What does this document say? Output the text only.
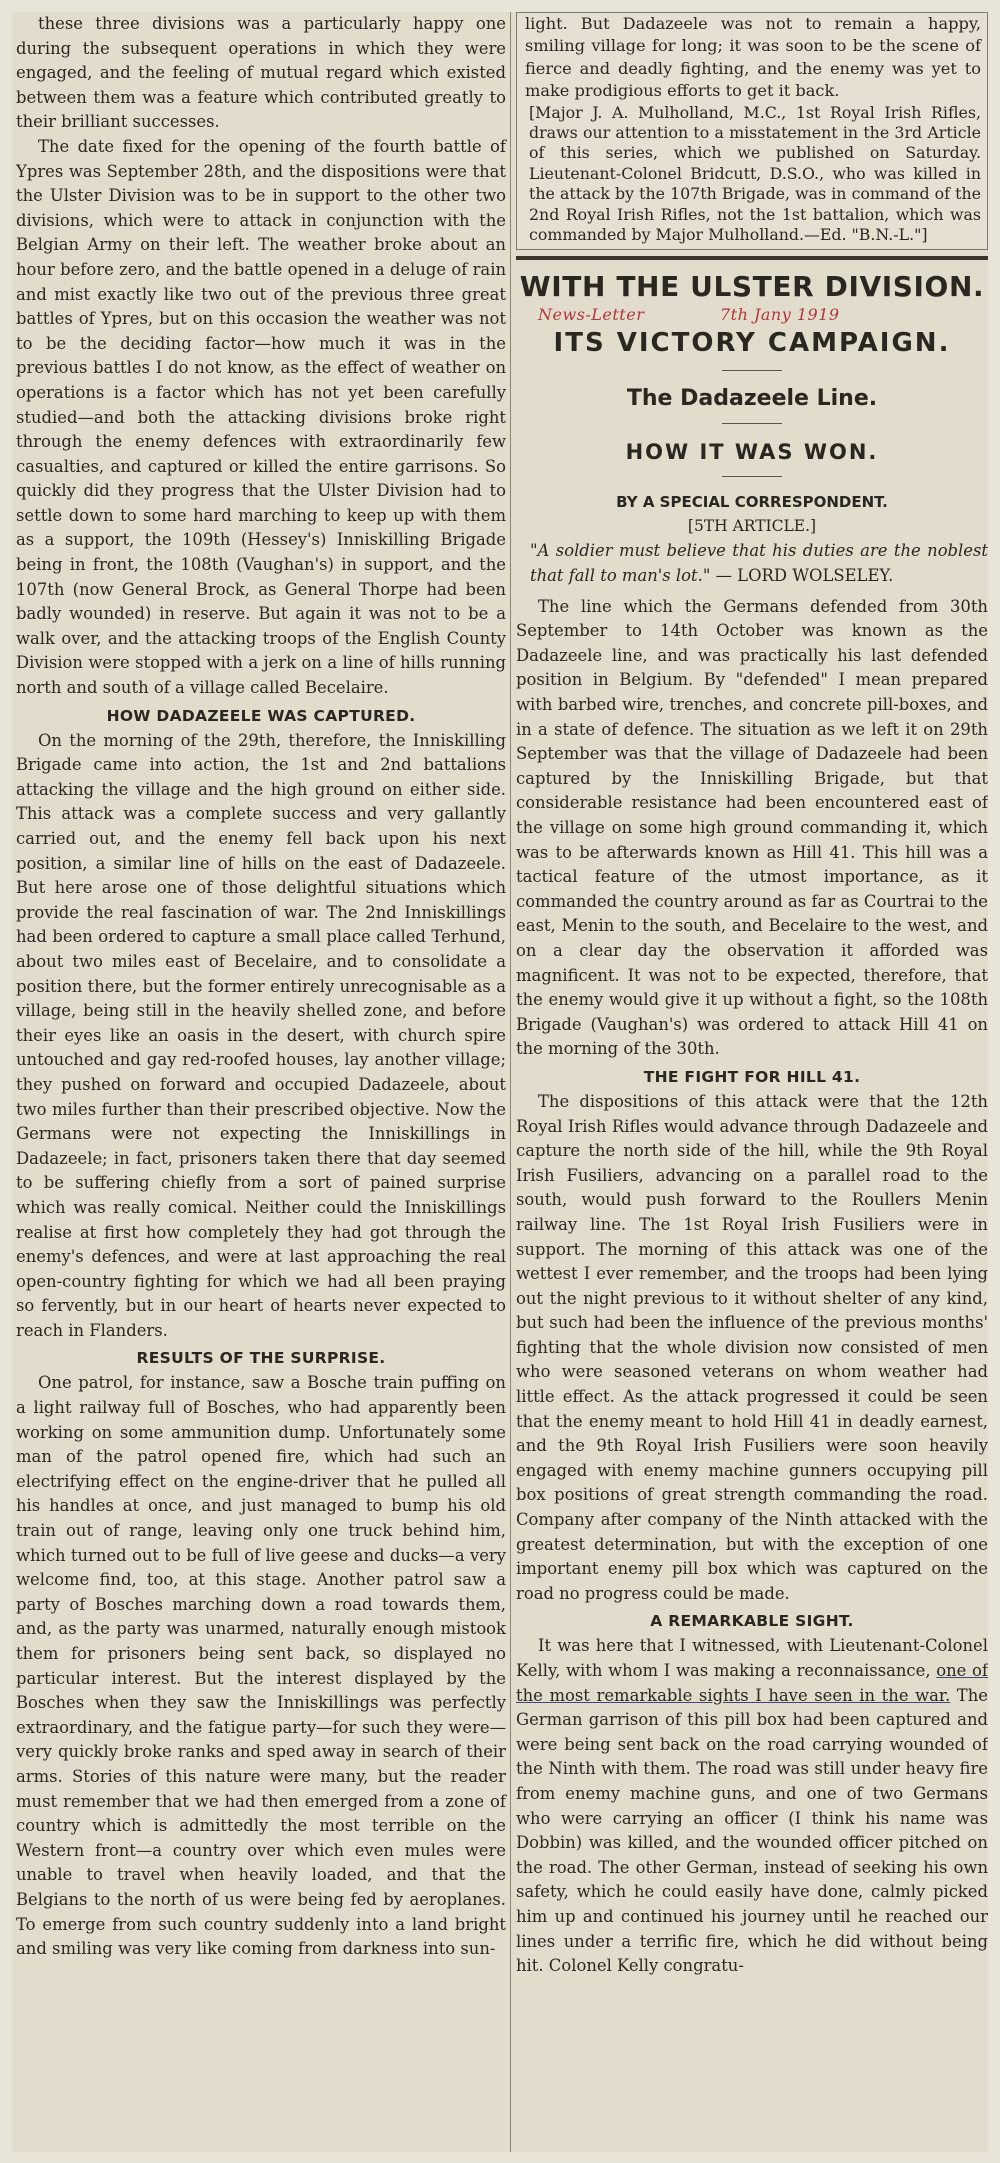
these three divisions was a particularly happy one during the subsequent operations in which they were engaged, and the feeling of mutual regard which existed between them was a feature which contributed greatly to their brilliant successes.

The date fixed for the opening of the fourth battle of Ypres was September 28th, and the dispositions were that the Ulster Division was to be in support to the other two divisions, which were to attack in conjunction with the Belgian Army on their left. The weather broke about an hour before zero, and the battle opened in a deluge of rain and mist exactly like two out of the previous three great battles of Ypres, but on this occasion the weather was not to be the deciding factor—how much it was in the previous battles I do not know, as the effect of weather on operations is a factor which has not yet been carefully studied—and both the attacking divisions broke right through the enemy defences with extraordinarily few casualties, and captured or killed the entire garrisons. So quickly did they progress that the Ulster Division had to settle down to some hard marching to keep up with them as a support, the 109th (Hessey's) Inniskilling Brigade being in front, the 108th (Vaughan's) in support, and the 107th (now General Brock, as General Thorpe had been badly wounded) in reserve. But again it was not to be a walk over, and the attacking troops of the English County Division were stopped with a jerk on a line of hills running north and south of a village called Becelaire.

HOW DADAZEELE WAS CAPTURED.

On the morning of the 29th, therefore, the Inniskilling Brigade came into action, the 1st and 2nd battalions attacking the village and the high ground on either side. This attack was a complete success and very gallantly carried out, and the enemy fell back upon his next position, a similar line of hills on the east of Dadazeele. But here arose one of those delightful situations which provide the real fascination of war. The 2nd Inniskillings had been ordered to capture a small place called Terhund, about two miles east of Becelaire, and to consolidate a position there, but the former entirely unrecognisable as a village, being still in the heavily shelled zone, and before their eyes like an oasis in the desert, with church spire untouched and gay red-roofed houses, lay another village; they pushed on forward and occupied Dadazeele, about two miles further than their prescribed objective. Now the Germans were not expecting the Inniskillings in Dadazeele; in fact, prisoners taken there that day seemed to be suffering chiefly from a sort of pained surprise which was really comical. Neither could the Inniskillings realise at first how completely they had got through the enemy's defences, and were at last approaching the real open-country fighting for which we had all been praying so fervently, but in our heart of hearts never expected to reach in Flanders.

RESULTS OF THE SURPRISE.

One patrol, for instance, saw a Bosche train puffing on a light railway full of Bosches, who had apparently been working on some ammunition dump. Unfortunately some man of the patrol opened fire, which had such an electrifying effect on the engine-driver that he pulled all his handles at once, and just managed to bump his old train out of range, leaving only one truck behind him, which turned out to be full of live geese and ducks—a very welcome find, too, at this stage. Another patrol saw a party of Bosches marching down a road towards them, and, as the party was unarmed, naturally enough mistook them for prisoners being sent back, so displayed no particular interest. But the interest displayed by the Bosches when they saw the Inniskillings was perfectly extraordinary, and the fatigue party—for such they were—very quickly broke ranks and sped away in search of their arms. Stories of this nature were many, but the reader must remember that we had then emerged from a zone of country which is admittedly the most terrible on the Western front—a country over which even mules were unable to travel when heavily loaded, and that the Belgians to the north of us were being fed by aeroplanes. To emerge from such country suddenly into a land bright and smiling was very like coming from darkness into sun-

light. But Dadazeele was not to remain a happy, smiling village for long; it was soon to be the scene of fierce and deadly fighting, and the enemy was yet to make prodigious efforts to get it back.

[Major J. A. Mulholland, M.C., 1st Royal Irish Rifles, draws our attention to a misstatement in the 3rd Article of this series, which we published on Saturday. Lieutenant-Colonel Bridcutt, D.S.O., who was killed in the attack by the 107th Brigade, was in command of the 2nd Royal Irish Rifles, not the 1st battalion, which was commanded by Major Mulholland.—Ed. "B.N.-L."]

WITH THE ULSTER DIVISION.
News-Letter	7th Jany 1919
ITS VICTORY CAMPAIGN.
The Dadazeele Line.
HOW IT WAS WON.
BY A SPECIAL CORRESPONDENT.
[5TH ARTICLE.]

"A soldier must believe that his duties are the noblest that fall to man's lot." — LORD WOLSELEY.

The line which the Germans defended from 30th September to 14th October was known as the Dadazeele line, and was practically his last defended position in Belgium. By "defended" I mean prepared with barbed wire, trenches, and concrete pill-boxes, and in a state of defence. The situation as we left it on 29th September was that the village of Dadazeele had been captured by the Inniskilling Brigade, but that considerable resistance had been encountered east of the village on some high ground commanding it, which was to be afterwards known as Hill 41. This hill was a tactical feature of the utmost importance, as it commanded the country around as far as Courtrai to the east, Menin to the south, and Becelaire to the west, and on a clear day the observation it afforded was magnificent. It was not to be expected, therefore, that the enemy would give it up without a fight, so the 108th Brigade (Vaughan's) was ordered to attack Hill 41 on the morning of the 30th.

THE FIGHT FOR HILL 41.

The dispositions of this attack were that the 12th Royal Irish Rifles would advance through Dadazeele and capture the north side of the hill, while the 9th Royal Irish Fusiliers, advancing on a parallel road to the south, would push forward to the Roullers Menin railway line. The 1st Royal Irish Fusiliers were in support. The morning of this attack was one of the wettest I ever remember, and the troops had been lying out the night previous to it without shelter of any kind, but such had been the influence of the previous months' fighting that the whole division now consisted of men who were seasoned veterans on whom weather had little effect. As the attack progressed it could be seen that the enemy meant to hold Hill 41 in deadly earnest, and the 9th Royal Irish Fusiliers were soon heavily engaged with enemy machine gunners occupying pill box positions of great strength commanding the road. Company after company of the Ninth attacked with the greatest determination, but with the exception of one important enemy pill box which was captured on the road no progress could be made.

A REMARKABLE SIGHT.

It was here that I witnessed, with Lieutenant-Colonel Kelly, with whom I was making a reconnaissance, one of the most remarkable sights I have seen in the war. The German garrison of this pill box had been captured and were being sent back on the road carrying wounded of the Ninth with them. The road was still under heavy fire from enemy machine guns, and one of two Germans who were carrying an officer (I think his name was Dobbin) was killed, and the wounded officer pitched on the road. The other German, instead of seeking his own safety, which he could easily have done, calmly picked him up and continued his journey until he reached our lines under a terrific fire, which he did without being hit. Colonel Kelly congratu-
